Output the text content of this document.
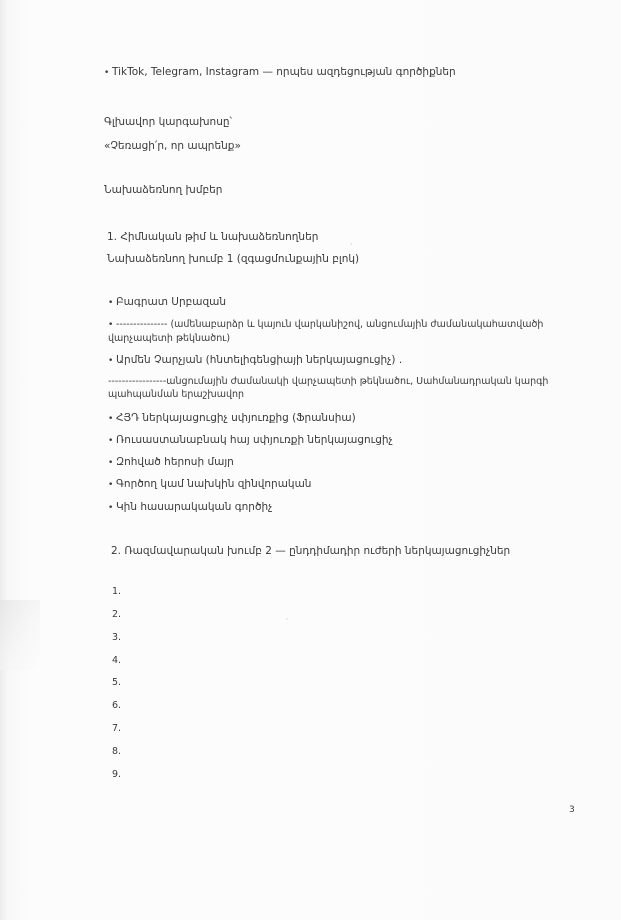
• TikTok, Telegram, Instagram — որպես ազդեցության գործիքներ
Գլխավոր կարգախոսը՝
«Չեռացի՛ր, որ ապրենք»
Նախաձեռնող խմբեր
1. Հիմնական թիմ և նախաձեռնողներ
Նախաձեռնող խումբ 1 (զգացմունքային բլոկ)
• Բագրատ Սրբազան
• --------------- (ամենաբարձր և կայուն վարկանիշով, անցումային ժամանակահատվածի վարչապետի թեկնածու)
• Արմեն Չարչյան (հնտելիգենցիայի ներկայացուցիչ) .
-----------------անցումային ժամանակի վարչապետի թեկնածու, Սահմանադրական կարգի պահպանման երաշխավոր
• ՀՅԴ ներկայացուցիչ սփյուռքից (Ֆրանսիա)
• Ռուսաստանաբնակ հայ սփյուռքի ներկայացուցիչ
• Զոհված հերոսի մայր
• Գործող կամ նախկին զինվորական
• Կին հասարակական գործիչ
2. Ռազմավարական խումբ 2 — ընդդիմադիր ուժերի ներկայացուցիչներ
1.
2.
3.
4.
5.
6.
7.
8.
9.
3
